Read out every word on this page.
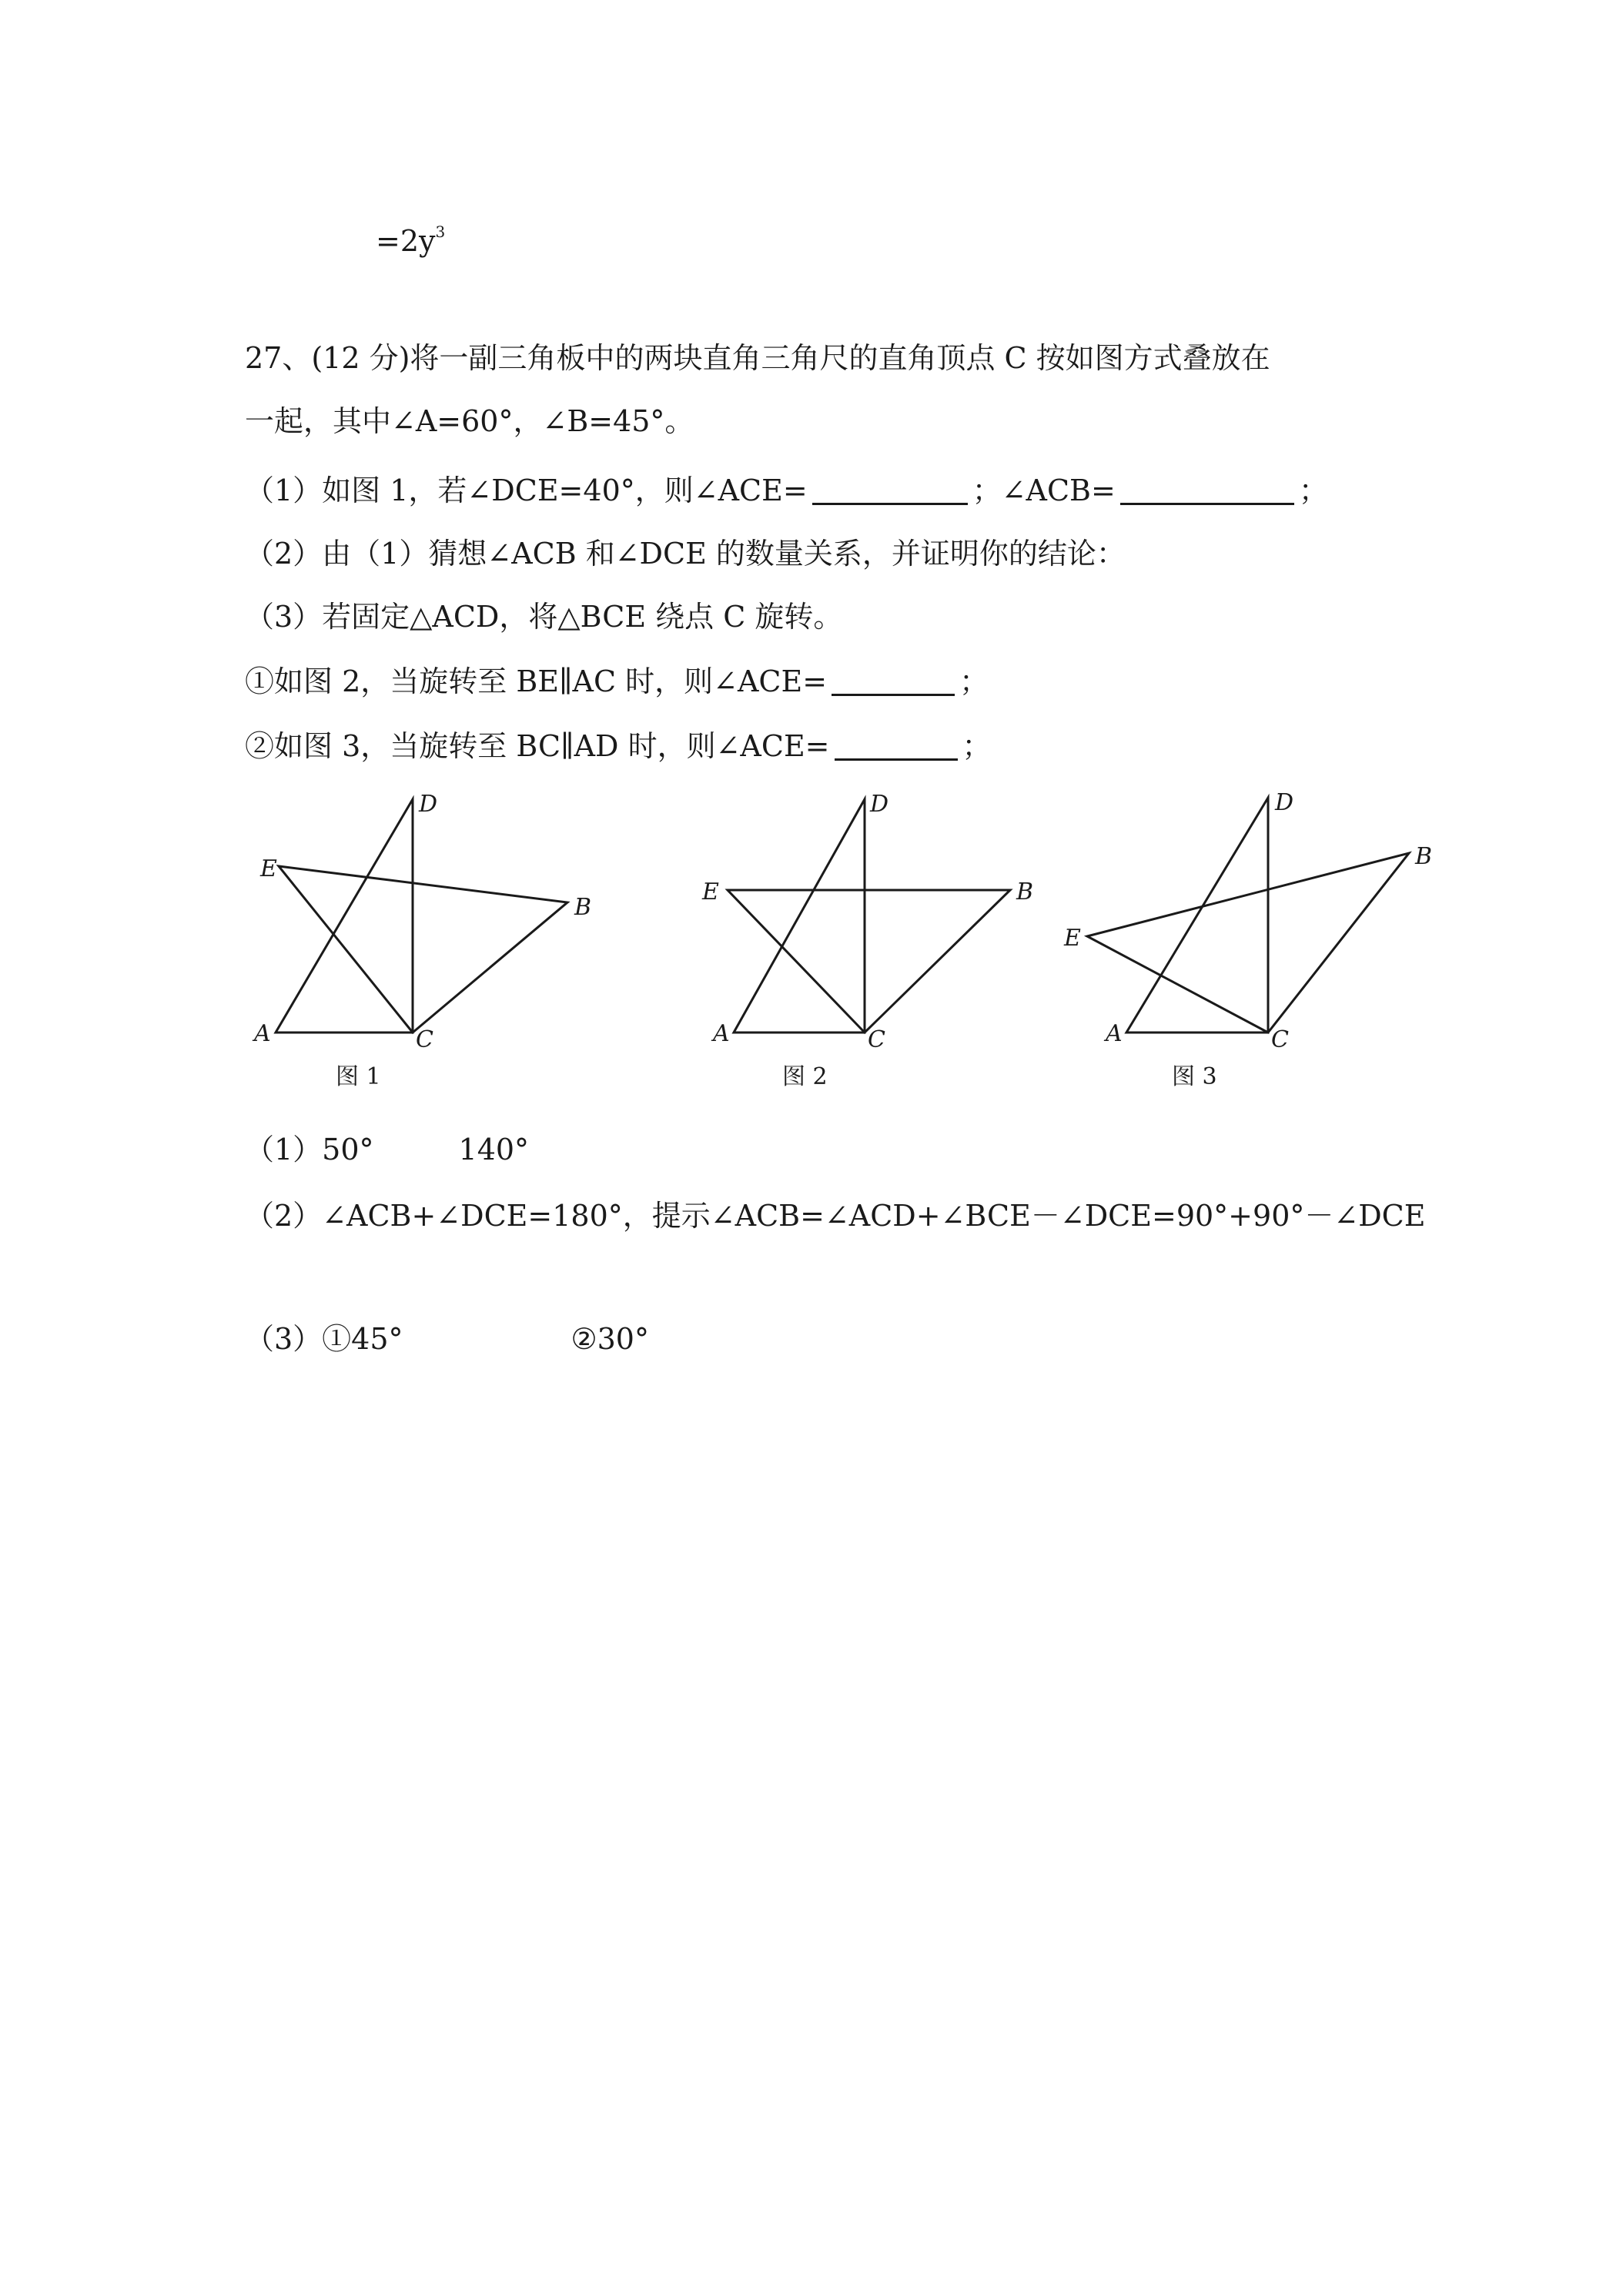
$=2y^3$
27、(12 分)将一副三角板中的两块直角三角尺的直角顶点 C 按如图方式叠放在
一起，其中∠A=60°，∠B=45°。
（1）如图 1，若∠DCE=40°，则∠ACE=	；∠ACB=	；
（2）由（1）猜想∠ACB 和∠DCE 的数量关系，并证明你的结论：
（3）若固定△ACD，将△BCE 绕点 C 旋转。
①如图 2，当旋转至 BE∥AC 时，则∠ACE=	；
②如图 3，当旋转至 BC∥AD 时，则∠ACE=	；
A	C
D
E
B
图 1
A	C
D
E	B
图 2
A	C
D
E
B
图 3
（1）50°	140°
（2）∠ACB+∠DCE=180°，提示∠ACB=∠ACD+∠BCE－∠DCE=90°+90°－∠DCE
（3）①45°	②30°
